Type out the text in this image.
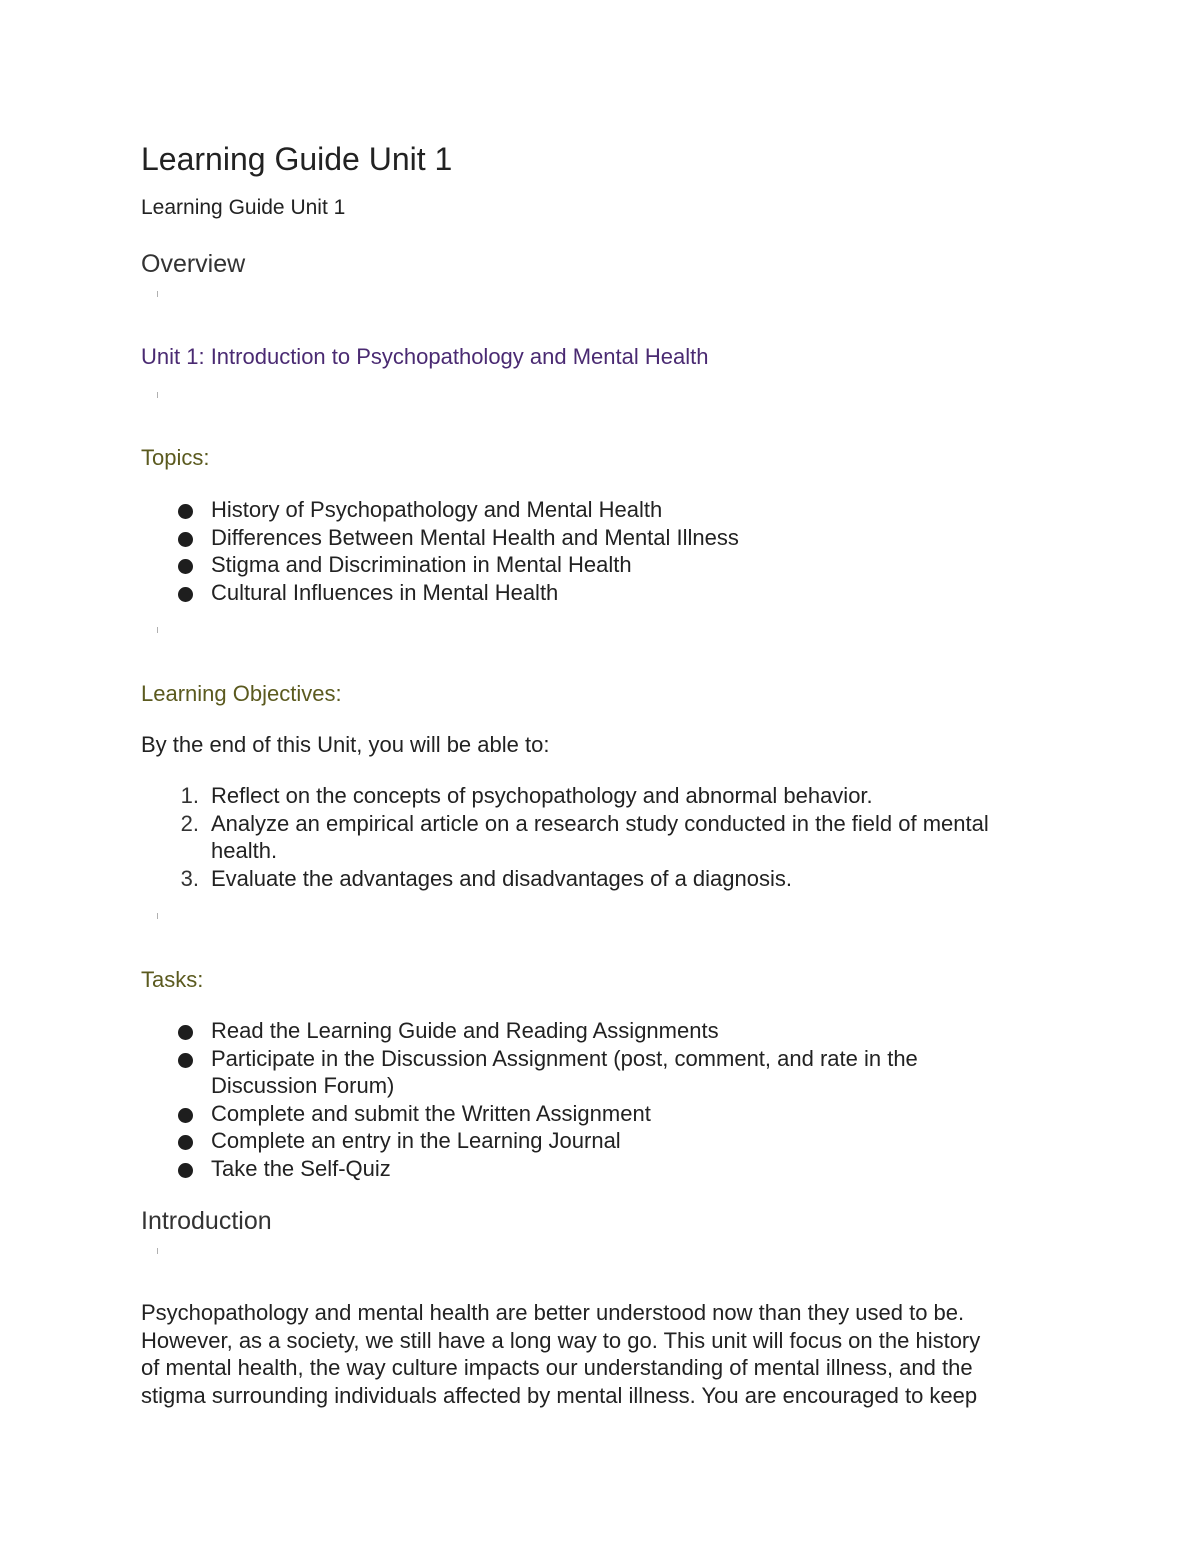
Learning Guide Unit 1
Learning Guide Unit 1
Overview
Unit 1: Introduction to Psychopathology and Mental Health
Topics:
History of Psychopathology and Mental Health
Differences Between Mental Health and Mental Illness
Stigma and Discrimination in Mental Health
Cultural Influences in Mental Health
Learning Objectives:
By the end of this Unit, you will be able to:
1. Reflect on the concepts of psychopathology and abnormal behavior.
2. Analyze an empirical article on a research study conducted in the field of mental
health.
3. Evaluate the advantages and disadvantages of a diagnosis.
Tasks:
Read the Learning Guide and Reading Assignments
Participate in the Discussion Assignment (post, comment, and rate in the
Discussion Forum)
Complete and submit the Written Assignment
Complete an entry in the Learning Journal
Take the Self-Quiz
Introduction
Psychopathology and mental health are better understood now than they used to be.
However, as a society, we still have a long way to go. This unit will focus on the history
of mental health, the way culture impacts our understanding of mental illness, and the
stigma surrounding individuals affected by mental illness. You are encouraged to keep
